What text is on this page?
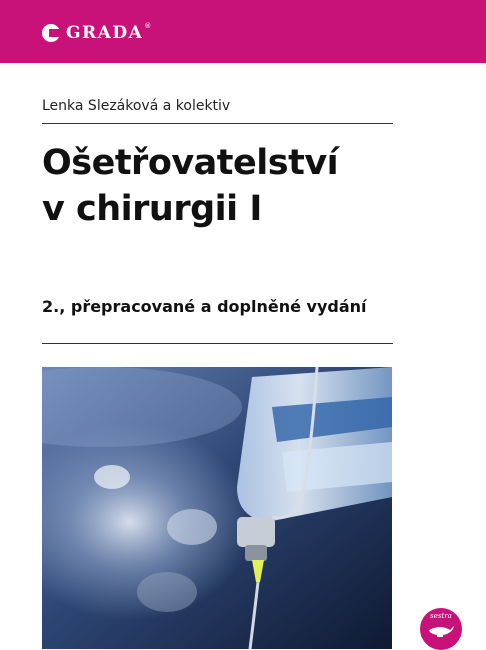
GRADA ®
Lenka Slezáková a kolektiv
Ošetřovatelství
v chirurgii I
2., přepracované a doplněné vydání
sestra
